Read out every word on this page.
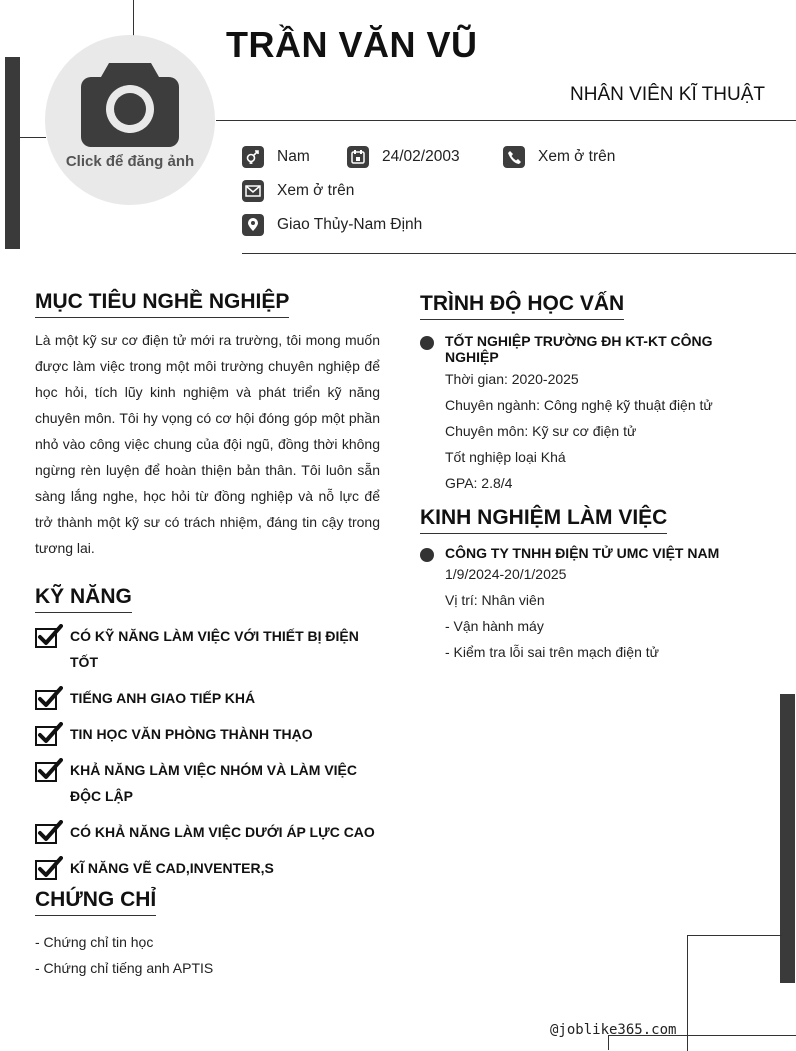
Click để đăng ảnh
TRẦN VĂN VŨ
NHÂN VIÊN KĨ THUẬT
Nam	24/02/2003	Xem ở trên
Xem ở trên
Giao Thủy-Nam Định
MỤC TIÊU NGHỀ NGHIỆP
Là một kỹ sư cơ điện tử mới ra trường, tôi mong muốn được làm việc trong một môi trường chuyên nghiệp để học hỏi, tích lũy kinh nghiệm và phát triển kỹ năng chuyên môn. Tôi hy vọng có cơ hội đóng góp một phần nhỏ vào công việc chung của đội ngũ, đồng thời không ngừng rèn luyện để hoàn thiện bản thân. Tôi luôn sẵn sàng lắng nghe, học hỏi từ đồng nghiệp và nỗ lực để trở thành một kỹ sư có trách nhiệm, đáng tin cậy trong tương lai.
KỸ NĂNG
CÓ KỸ NĂNG LÀM VIỆC VỚI THIẾT BỊ ĐIỆN TỐT
TIẾNG ANH GIAO TIẾP KHÁ
TIN HỌC VĂN PHÒNG THÀNH THẠO
KHẢ NĂNG LÀM VIỆC NHÓM VÀ LÀM VIỆC ĐỘC LẬP
CÓ KHẢ NĂNG LÀM VIỆC DƯỚI ÁP LỰC CAO
KĨ NĂNG VẼ CAD,INVENTER,S
CHỨNG CHỈ
- Chứng chỉ tin học
- Chứng chỉ tiếng anh APTIS
TRÌNH ĐỘ HỌC VẤN
TỐT NGHIỆP TRƯỜNG ĐH KT-KT CÔNG NGHIỆP
Thời gian: 2020-2025
Chuyên ngành: Công nghệ kỹ thuật điện tử
Chuyên môn: Kỹ sư cơ điện tử
Tốt nghiệp loại Khá
GPA: 2.8/4
KINH NGHIỆM LÀM VIỆC
CÔNG TY TNHH ĐIỆN TỬ UMC VIỆT NAM
1/9/2024-20/1/2025
Vị trí: Nhân viên
- Vận hành máy
- Kiểm tra lỗi sai trên mạch điện tử
@joblike365.com
